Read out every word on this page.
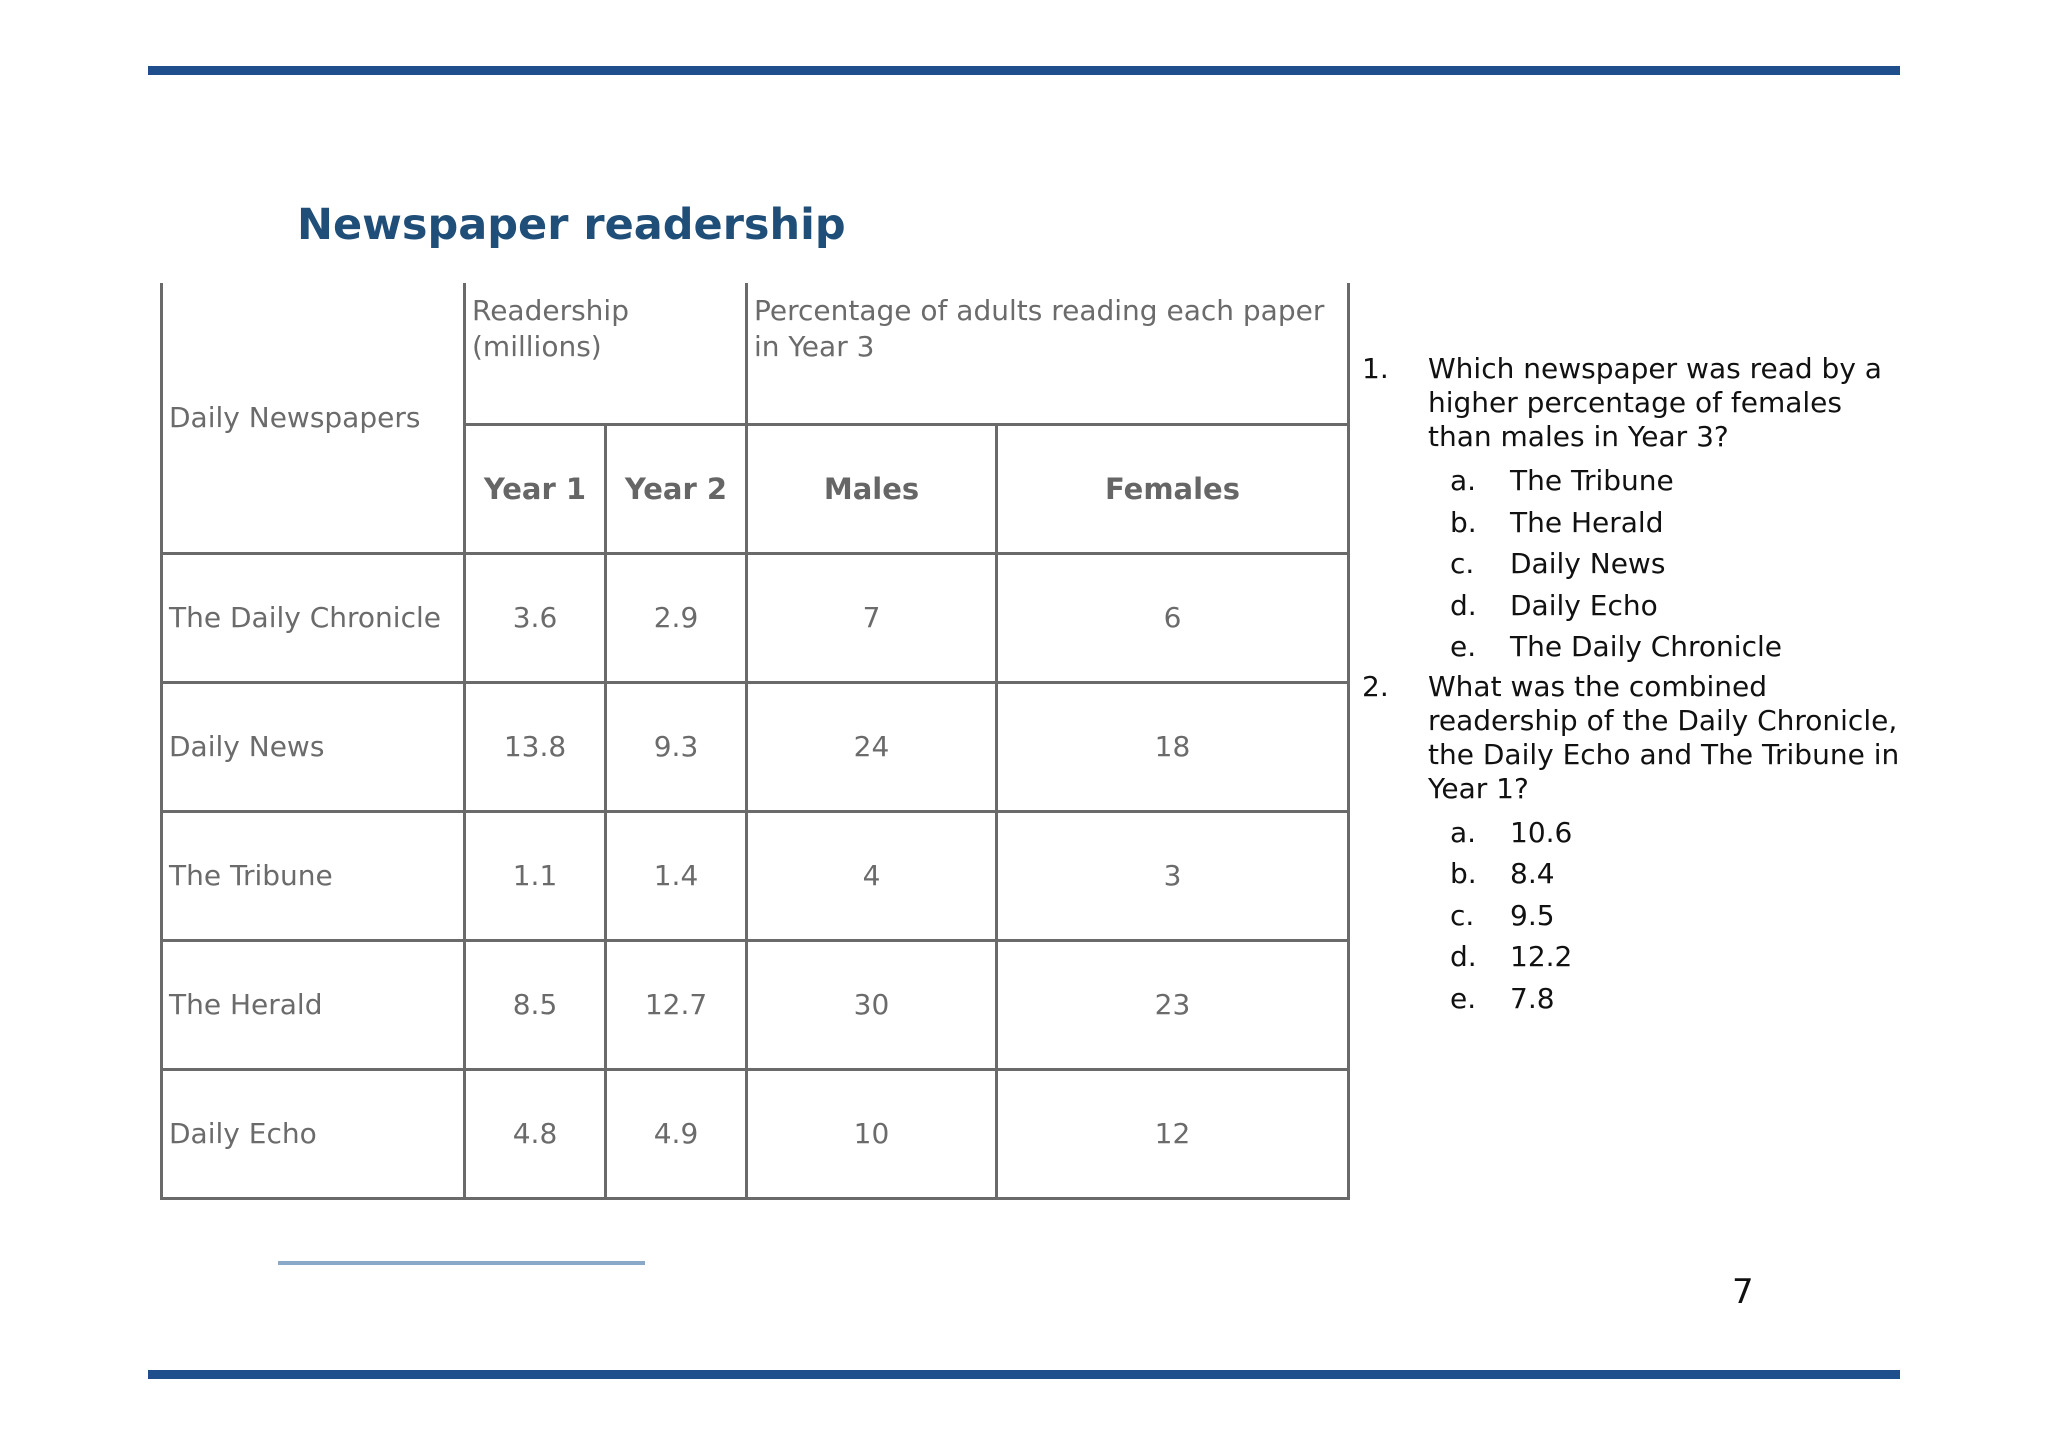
Newspaper readership
Daily Newspapers	Readership (millions)		Percentage of adults reading each paper in Year 3	
	Year 1	Year 2	Males	Females
The Daily Chronicle	3.6	2.9	7	6
Daily News	13.8	9.3	24	18
The Tribune	1.1	1.4	4	3
The Herald	8.5	12.7	30	23
Daily Echo	4.8	4.9	10	12
1.	Which newspaper was read by a higher percentage of females than males in Year 3?
a.	The Tribune
b.	The Herald
c.	Daily News
d.	Daily Echo
e.	The Daily Chronicle
2.	What was the combined readership of the Daily Chronicle, the Daily Echo and The Tribune in Year 1?
a.	10.6
b.	8.4
c.	9.5
d.	12.2
e.	7.8
7
